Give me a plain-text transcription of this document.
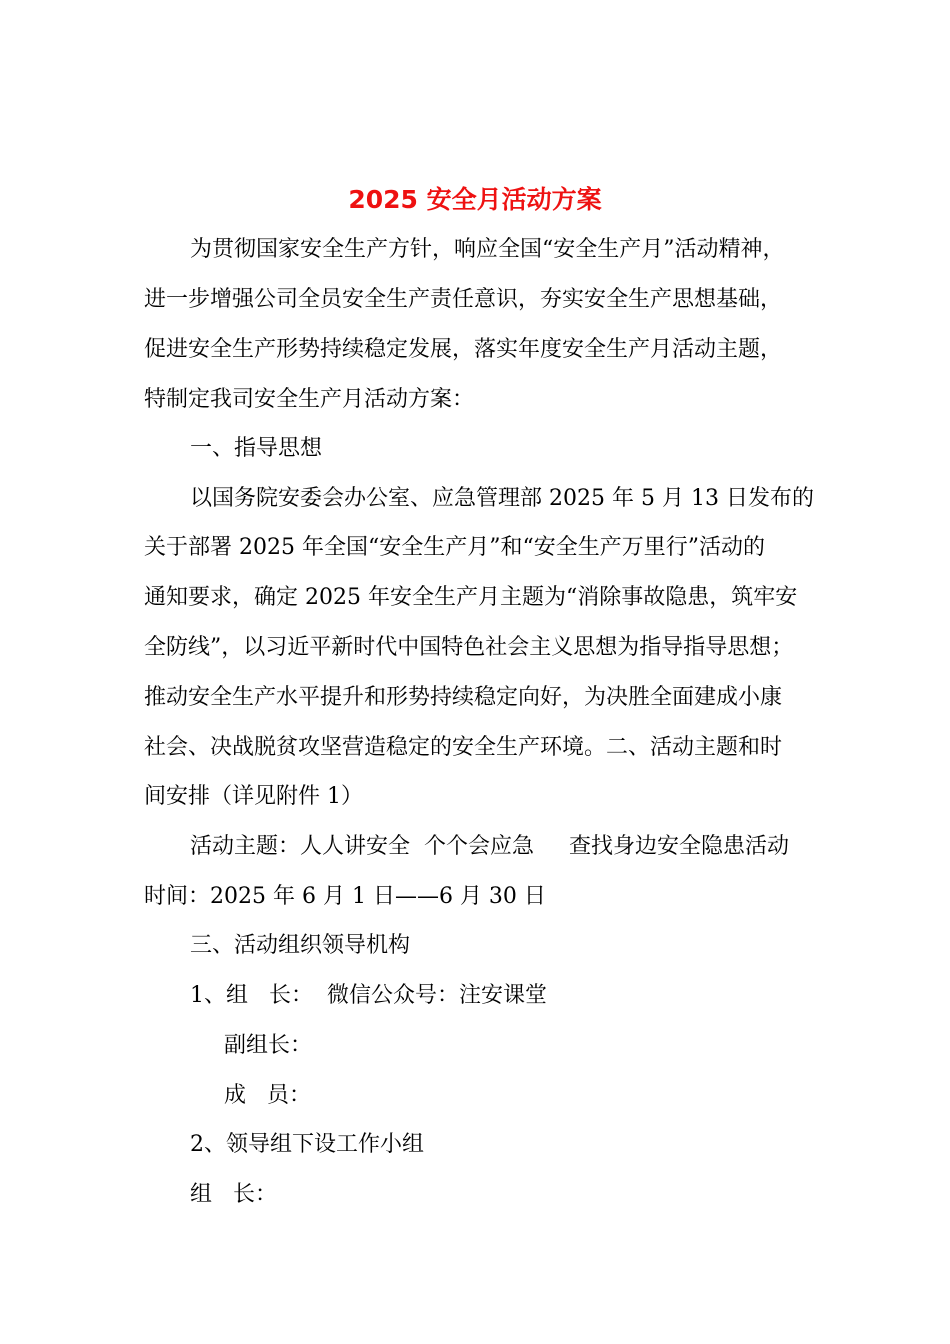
2025 安全月活动方案

为贯彻国家安全生产方针，响应全国“安全生产月”活动精神，

进一步增强公司全员安全生产责任意识，夯实安全生产思想基础，

促进安全生产形势持续稳定发展，落实年度安全生产月活动主题，

特制定我司安全生产月活动方案：

一、指导思想

以国务院安委会办公室、应急管理部 2025 年 5 月 13 日发布的

关于部署 2025 年全国“安全生产月”和“安全生产万里行”活动的

通知要求，确定 2025 年安全生产月主题为“消除事故隐患，筑牢安

全防线”，以习近平新时代中国特色社会主义思想为指导指导思想；

推动安全生产水平提升和形势持续稳定向好，为决胜全面建成小康

社会、决战脱贫攻坚营造稳定的安全生产环境。二、活动主题和时

间安排（详见附件 1）

活动主题：人人讲安全  个个会应急     查找身边安全隐患活动

时间：2025 年 6 月 1 日——6 月 30 日

三、活动组织领导机构

1、组   长：  微信公众号：注安课堂

副组长：

成   员：

2、领导组下设工作小组

组   长：
